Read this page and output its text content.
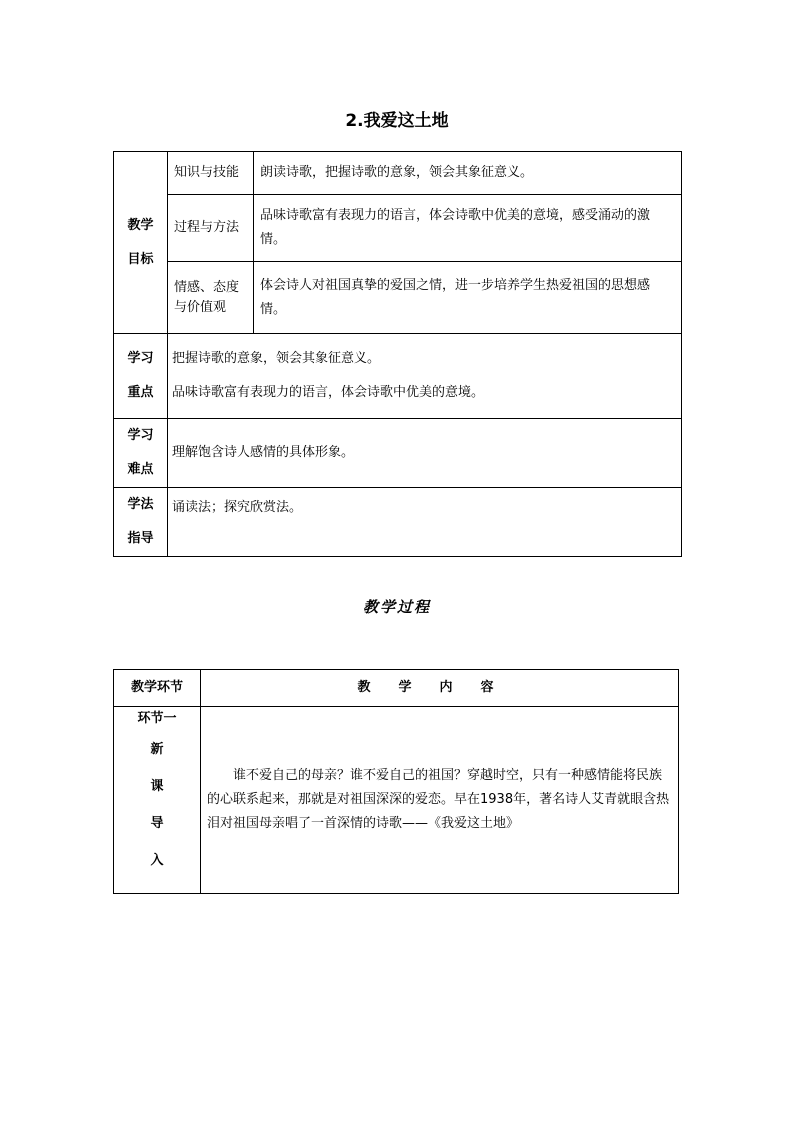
2.我爱这土地
教学
目标	知识与技能	朗读诗歌，把握诗歌的意象，领会其象征意义。
	过程与方法	品味诗歌富有表现力的语言，体会诗歌中优美的意境，感受涌动的激情。

	情感、态度
与价值观	体会诗人对祖国真挚的爱国之情，进一步培养学生热爱祖国的思想感情。

学习
重点	把握诗歌的意象，领会其象征意义。
品味诗歌富有表现力的语言，体会诗歌中优美的意境。	

学习
难点	理解饱含诗人感情的具体形象。	

学法
指导	诵读法；探究欣赏法。	
教学过程
教学环节	教学内容

环节一
新
课
导
入	谁不爱自己的母亲？谁不爱自己的祖国？穿越时空，只有一种感情能将民族的心联系起来，那就是对祖国深深的爱恋。早在1938年，著名诗人艾青就眼含热泪对祖国母亲唱了一首深情的诗歌——《我爱这土地》
